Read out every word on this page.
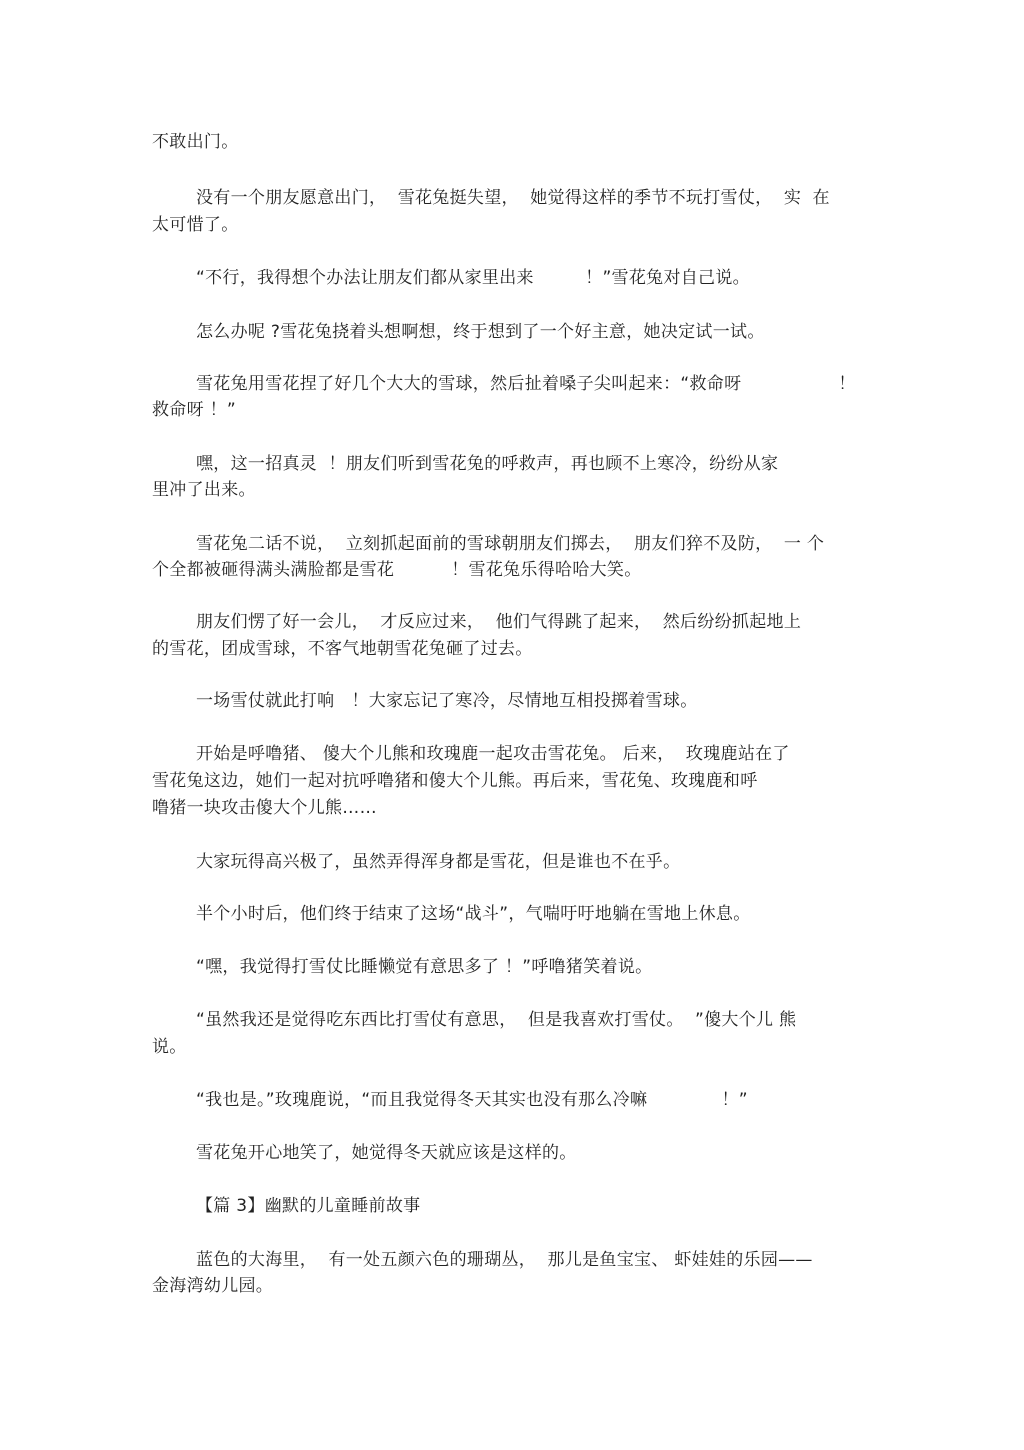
不敢出门。
没有一个朋友愿意出门，  雪花兔挺失望，  她觉得这样的季节不玩打雪仗，  实  在
太可惜了。
“不行，我得想个办法让朋友们都从家里出来         ！”雪花兔对自己说。
怎么办呢 ?雪花兔挠着头想啊想，终于想到了一个好主意，她决定试一试。
雪花兔用雪花捏了好几个大大的雪球，然后扯着嗓子尖叫起来：“救命呀                 ！
救命呀 ！”
嘿，这一招真灵  ！朋友们听到雪花兔的呼救声，再也顾不上寒冷，纷纷从家
里冲了出来。
雪花兔二话不说，  立刻抓起面前的雪球朝朋友们掷去，  朋友们猝不及防，  一 个
个全都被砸得满头满脸都是雪花          ！雪花兔乐得哈哈大笑。
朋友们愣了好一会儿，  才反应过来，  他们气得跳了起来，  然后纷纷抓起地上
的雪花，团成雪球，不客气地朝雪花兔砸了过去。
一场雪仗就此打响   ！大家忘记了寒冷，尽情地互相投掷着雪球。
开始是呼噜猪、 傻大个儿熊和玫瑰鹿一起攻击雪花兔。 后来，  玫瑰鹿站在了
雪花兔这边，她们一起对抗呼噜猪和傻大个儿熊。再后来，雪花兔、玫瑰鹿和呼
噜猪一块攻击傻大个儿熊……
大家玩得高兴极了，虽然弄得浑身都是雪花，但是谁也不在乎。
半个小时后，他们终于结束了这场“战斗”，气喘吁吁地躺在雪地上休息。
“嘿，我觉得打雪仗比睡懒觉有意思多了 ！”呼噜猪笑着说。
“虽然我还是觉得吃东西比打雪仗有意思，  但是我喜欢打雪仗。  ”傻大个儿 熊
说。
“我也是。”玫瑰鹿说，“而且我觉得冬天其实也没有那么冷嘛             ！”
雪花兔开心地笑了，她觉得冬天就应该是这样的。
【篇 3】幽默的儿童睡前故事
蓝色的大海里，  有一处五颜六色的珊瑚丛，  那儿是鱼宝宝、 虾娃娃的乐园——
金海湾幼儿园。
